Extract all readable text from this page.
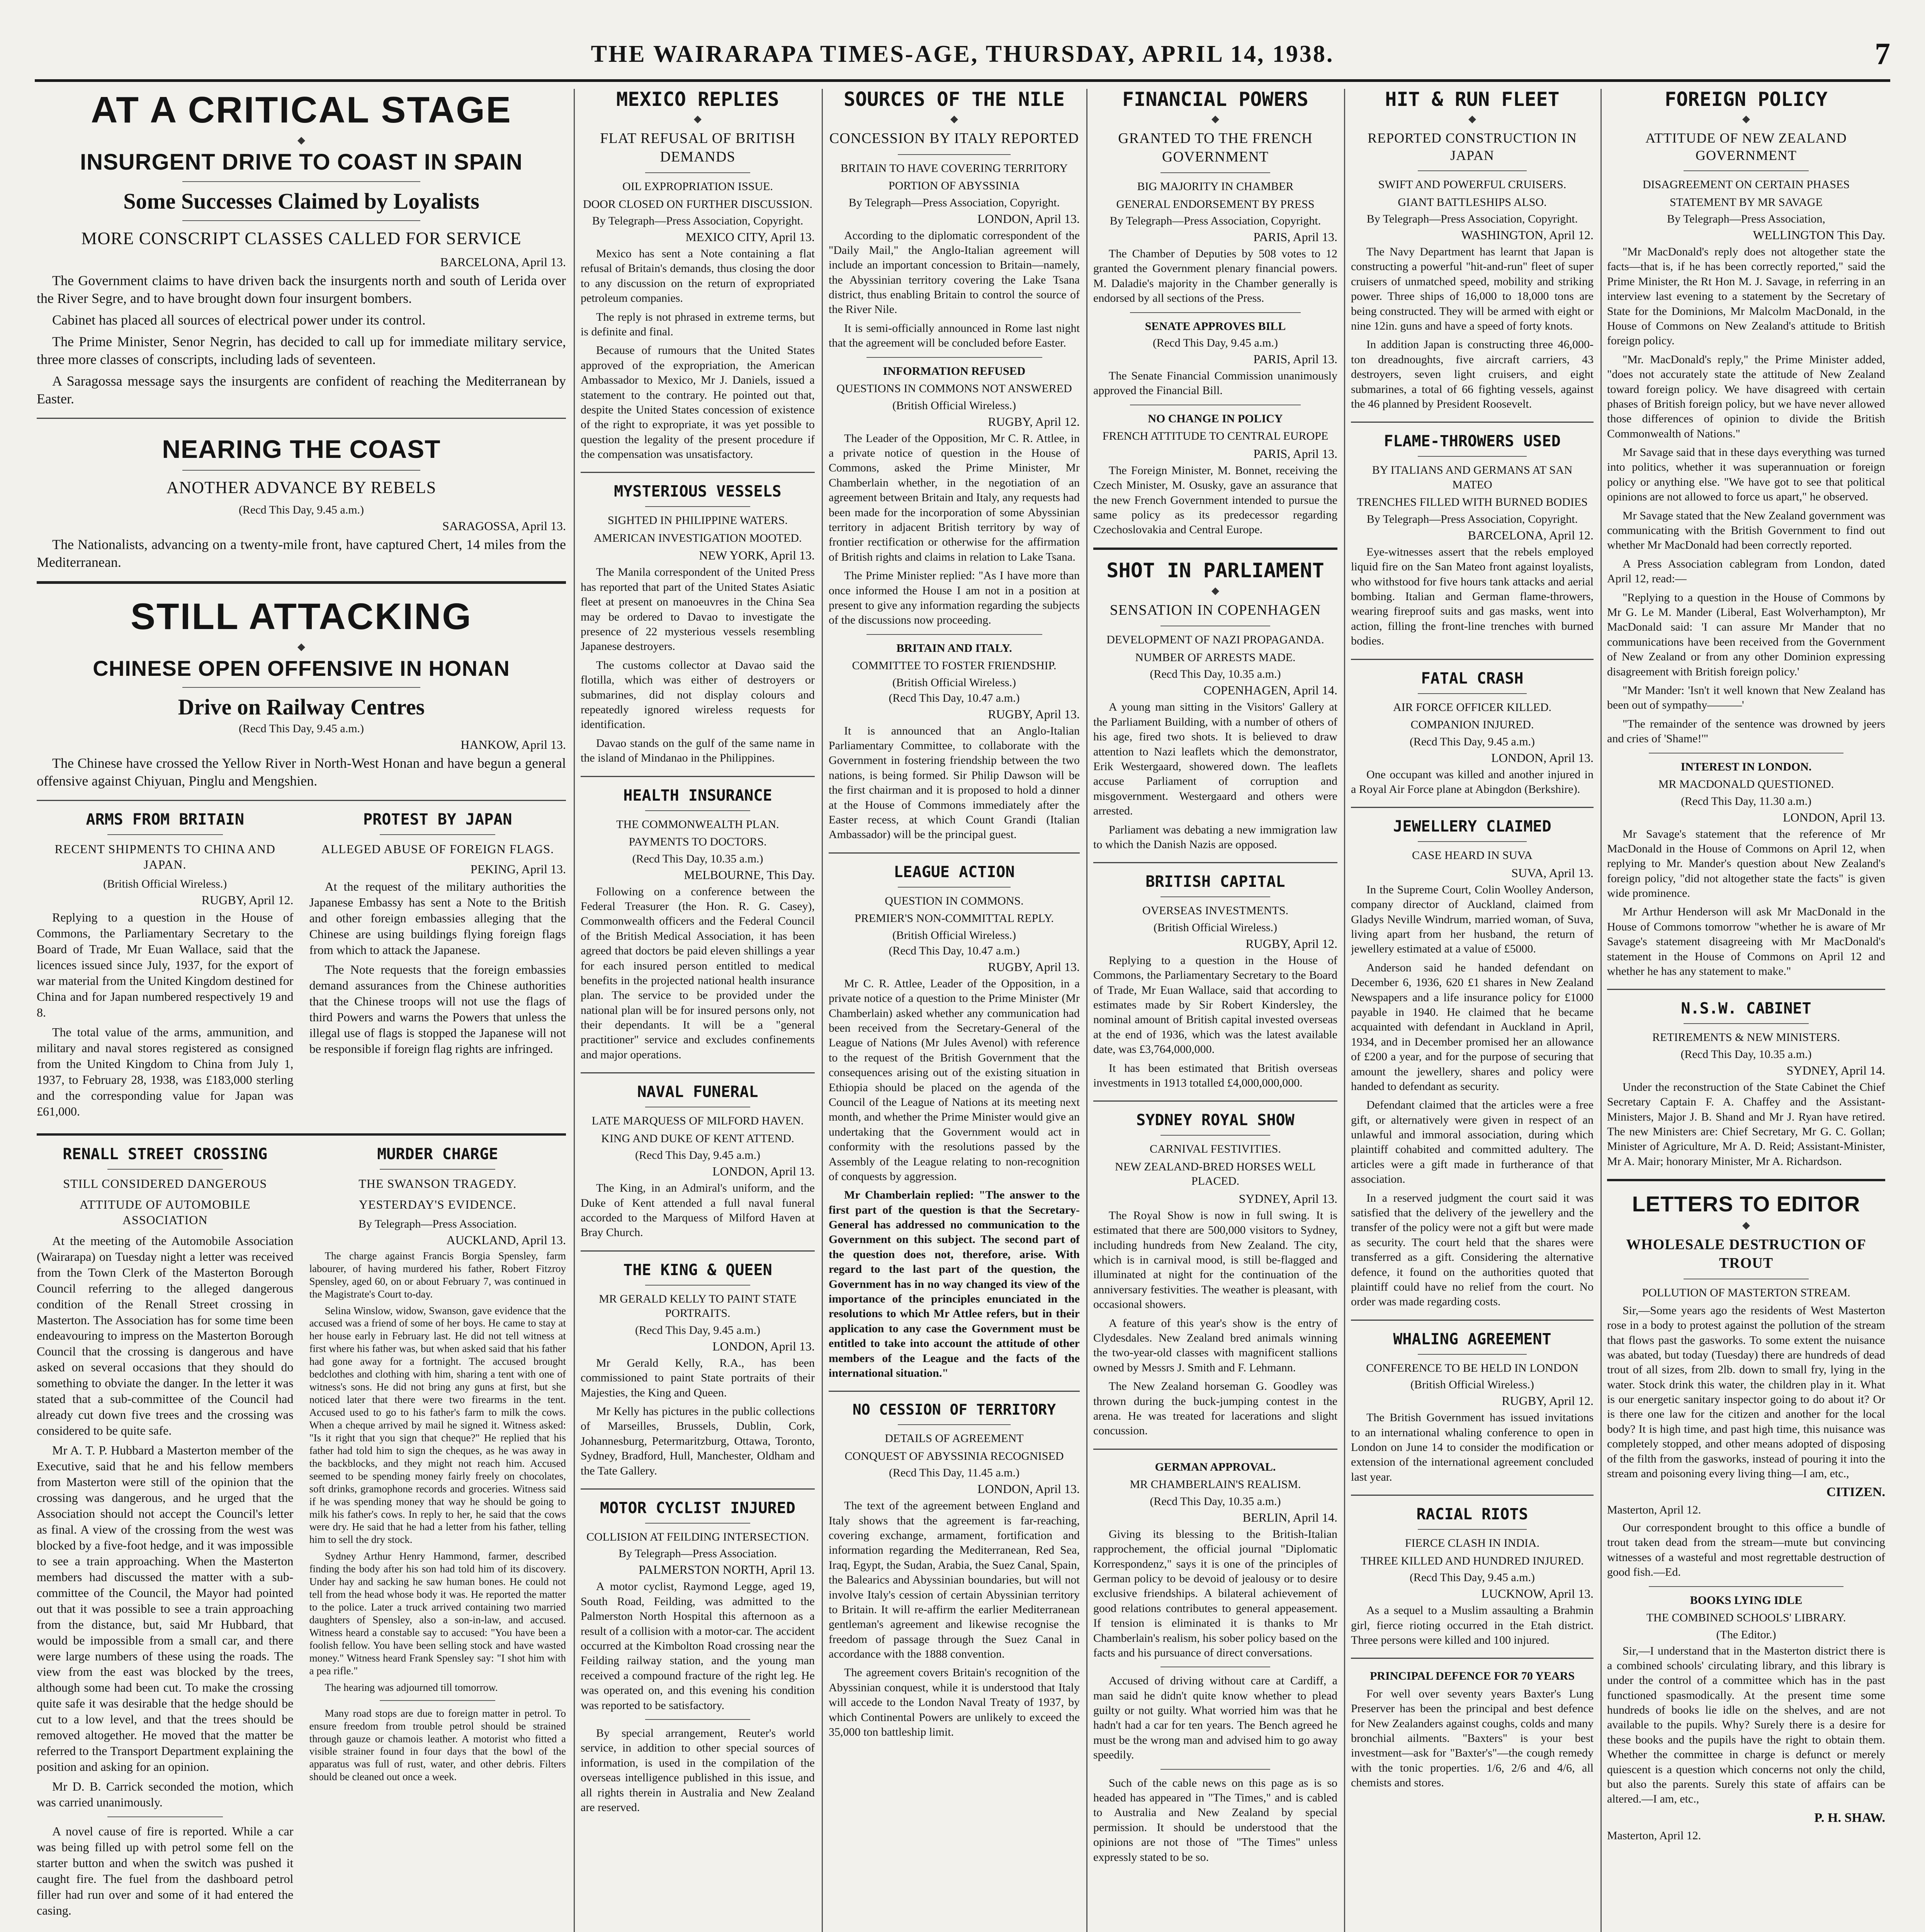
THE WAIRARAPA TIMES-AGE, THURSDAY, APRIL 14, 1938.	7
AT A CRITICAL STAGE
◆
INSURGENT DRIVE TO COAST IN SPAIN
Some Successes Claimed by Loyalists
MORE CONSCRIPT CLASSES CALLED FOR SERVICE
BARCELONA, April 13.

The Government claims to have driven back the insurgents north and south of Lerida over the River Segre, and to have brought down four insurgent bombers.

Cabinet has placed all sources of electrical power under its control.

The Prime Minister, Senor Negrin, has decided to call up for immediate military service, three more classes of conscripts, including lads of seventeen.

A Saragossa message says the insurgents are confident of reaching the Mediterranean by Easter.

NEARING THE COAST
ANOTHER ADVANCE BY REBELS
(Recd This Day, 9.45 a.m.)
SARAGOSSA, April 13.

The Nationalists, advancing on a twenty-mile front, have captured Chert, 14 miles from the Mediterranean.

STILL ATTACKING
◆
CHINESE OPEN OFFENSIVE IN HONAN
Drive on Railway Centres
(Recd This Day, 9.45 a.m.)
HANKOW, April 13.

The Chinese have crossed the Yellow River in North-West Honan and have begun a general offensive against Chiyuan, Pinglu and Mengshien.

ARMS FROM BRITAIN
RECENT SHIPMENTS TO CHINA AND JAPAN.
(British Official Wireless.)
RUGBY, April 12.

Replying to a question in the House of Commons, the Parliamentary Secretary to the Board of Trade, Mr Euan Wallace, said that the licences issued since July, 1937, for the export of war material from the United Kingdom destined for China and for Japan numbered respectively 19 and 8.

The total value of the arms, ammunition, and military and naval stores registered as consigned from the United Kingdom to China from July 1, 1937, to February 28, 1938, was £183,000 sterling and the corresponding value for Japan was £61,000.

PROTEST BY JAPAN
ALLEGED ABUSE OF FOREIGN FLAGS.
PEKING, April 13.

At the request of the military authorities the Japanese Embassy has sent a Note to the British and other foreign embassies alleging that the Chinese are using buildings flying foreign flags from which to attack the Japanese.

The Note requests that the foreign embassies demand assurances from the Chinese authorities that the Chinese troops will not use the flags of third Powers and warns the Powers that unless the illegal use of flags is stopped the Japanese will not be responsible if foreign flag rights are infringed.

RENALL STREET CROSSING
STILL CONSIDERED DANGEROUS
ATTITUDE OF AUTOMOBILE ASSOCIATION

At the meeting of the Automobile Association (Wairarapa) on Tuesday night a letter was received from the Town Clerk of the Masterton Borough Council referring to the alleged dangerous condition of the Renall Street crossing in Masterton. The Association has for some time been endeavouring to impress on the Masterton Borough Council that the crossing is dangerous and have asked on several occasions that they should do something to obviate the danger. In the letter it was stated that a sub-committee of the Council had already cut down five trees and the crossing was considered to be quite safe.

Mr A. T. P. Hubbard a Masterton member of the Executive, said that he and his fellow members from Masterton were still of the opinion that the crossing was dangerous, and he urged that the Association should not accept the Council's letter as final. A view of the crossing from the west was blocked by a five-foot hedge, and it was impossible to see a train approaching. When the Masterton members had discussed the matter with a sub-committee of the Council, the Mayor had pointed out that it was possible to see a train approaching from the distance, but, said Mr Hubbard, that would be impossible from a small car, and there were large numbers of these using the roads. The view from the east was blocked by the trees, although some had been cut. To make the crossing quite safe it was desirable that the hedge should be cut to a low level, and that the trees should be removed altogether. He moved that the matter be referred to the Transport Department explaining the position and asking for an opinion.

Mr D. B. Carrick seconded the motion, which was carried unanimously.

A novel cause of fire is reported. While a car was being filled up with petrol some fell on the starter button and when the switch was pushed it caught fire. The fuel from the dashboard petrol filler had run over and some of it had entered the casing.

MURDER CHARGE
THE SWANSON TRAGEDY.
YESTERDAY'S EVIDENCE.
By Telegraph—Press Association.
AUCKLAND, April 13.

The charge against Francis Borgia Spensley, farm labourer, of having murdered his father, Robert Fitzroy Spensley, aged 60, on or about February 7, was continued in the Magistrate's Court to-day.

Selina Winslow, widow, Swanson, gave evidence that the accused was a friend of some of her boys. He came to stay at her house early in February last. He did not tell witness at first where his father was, but when asked said that his father had gone away for a fortnight. The accused brought bedclothes and clothing with him, sharing a tent with one of witness's sons. He did not bring any guns at first, but she noticed later that there were two firearms in the tent. Accused used to go to his father's farm to milk the cows. When a cheque arrived by mail he signed it. Witness asked: "Is it right that you sign that cheque?" He replied that his father had told him to sign the cheques, as he was away in the backblocks, and they might not reach him. Accused seemed to be spending money fairly freely on chocolates, soft drinks, gramophone records and groceries. Witness said if he was spending money that way he should be going to milk his father's cows. In reply to her, he said that the cows were dry. He said that he had a letter from his father, telling him to sell the dry stock.

Sydney Arthur Henry Hammond, farmer, described finding the body after his son had told him of its discovery. Under hay and sacking he saw human bones. He could not tell from the head whose body it was. He reported the matter to the police. Later a truck arrived containing two married daughters of Spensley, also a son-in-law, and accused. Witness heard a constable say to accused: "You have been a foolish fellow. You have been selling stock and have wasted money." Witness heard Frank Spensley say: "I shot him with a pea rifle."

The hearing was adjourned till tomorrow.

Many road stops are due to foreign matter in petrol. To ensure freedom from trouble petrol should be strained through gauze or chamois leather. A motorist who fitted a visible strainer found in four days that the bowl of the apparatus was full of rust, water, and other debris. Filters should be cleaned out once a week.

MEXICO REPLIES
◆
FLAT REFUSAL OF BRITISH DEMANDS
OIL EXPROPRIATION ISSUE.
DOOR CLOSED ON FURTHER DISCUSSION.
By Telegraph—Press Association, Copyright.
MEXICO CITY, April 13.

Mexico has sent a Note containing a flat refusal of Britain's demands, thus closing the door to any discussion on the return of expropriated petroleum companies.

The reply is not phrased in extreme terms, but is definite and final.

Because of rumours that the United States approved of the expropriation, the American Ambassador to Mexico, Mr J. Daniels, issued a statement to the contrary. He pointed out that, despite the United States concession of existence of the right to expropriate, it was yet possible to question the legality of the present procedure if the compensation was unsatisfactory.

MYSTERIOUS VESSELS
SIGHTED IN PHILIPPINE WATERS.
AMERICAN INVESTIGATION MOOTED.
NEW YORK, April 13.

The Manila correspondent of the United Press has reported that part of the United States Asiatic fleet at present on manoeuvres in the China Sea may be ordered to Davao to investigate the presence of 22 mysterious vessels resembling Japanese destroyers.

The customs collector at Davao said the flotilla, which was either of destroyers or submarines, did not display colours and repeatedly ignored wireless requests for identification.

Davao stands on the gulf of the same name in the island of Mindanao in the Philippines.

HEALTH INSURANCE
THE COMMONWEALTH PLAN.
PAYMENTS TO DOCTORS.
(Recd This Day, 10.35 a.m.)
MELBOURNE, This Day.

Following on a conference between the Federal Treasurer (the Hon. R. G. Casey), Commonwealth officers and the Federal Council of the British Medical Association, it has been agreed that doctors be paid eleven shillings a year for each insured person entitled to medical benefits in the projected national health insurance plan. The service to be provided under the national plan will be for insured persons only, not their dependants. It will be a "general practitioner" service and excludes confinements and major operations.

NAVAL FUNERAL
LATE MARQUESS OF MILFORD HAVEN.
KING AND DUKE OF KENT ATTEND.
(Recd This Day, 9.45 a.m.)
LONDON, April 13.

The King, in an Admiral's uniform, and the Duke of Kent attended a full naval funeral accorded to the Marquess of Milford Haven at Bray Church.

THE KING & QUEEN
MR GERALD KELLY TO PAINT STATE PORTRAITS.
(Recd This Day, 9.45 a.m.)
LONDON, April 13.

Mr Gerald Kelly, R.A., has been commissioned to paint State portraits of their Majesties, the King and Queen.

Mr Kelly has pictures in the public collections of Marseilles, Brussels, Dublin, Cork, Johannesburg, Petermaritzburg, Ottawa, Toronto, Sydney, Bradford, Hull, Manchester, Oldham and the Tate Gallery.

MOTOR CYCLIST INJURED
COLLISION AT FEILDING INTERSECTION.
By Telegraph—Press Association.
PALMERSTON NORTH, April 13.

A motor cyclist, Raymond Legge, aged 19, South Road, Feilding, was admitted to the Palmerston North Hospital this afternoon as a result of a collision with a motor-car. The accident occurred at the Kimbolton Road crossing near the Feilding railway station, and the young man received a compound fracture of the right leg. He was operated on, and this evening his condition was reported to be satisfactory.

By special arrangement, Reuter's world service, in addition to other special sources of information, is used in the compilation of the overseas intelligence published in this issue, and all rights therein in Australia and New Zealand are reserved.

SOURCES OF THE NILE
◆
CONCESSION BY ITALY REPORTED
BRITAIN TO HAVE COVERING TERRITORY
PORTION OF ABYSSINIA
By Telegraph—Press Association, Copyright.
LONDON, April 13.

According to the diplomatic correspondent of the "Daily Mail," the Anglo-Italian agreement will include an important concession to Britain—namely, the Abyssinian territory covering the Lake Tsana district, thus enabling Britain to control the source of the River Nile.

It is semi-officially announced in Rome last night that the agreement will be concluded before Easter.

INFORMATION REFUSED
QUESTIONS IN COMMONS NOT ANSWERED
(British Official Wireless.)
RUGBY, April 12.

The Leader of the Opposition, Mr C. R. Attlee, in a private notice of question in the House of Commons, asked the Prime Minister, Mr Chamberlain whether, in the negotiation of an agreement between Britain and Italy, any requests had been made for the incorporation of some Abyssinian territory in adjacent British territory by way of frontier rectification or otherwise for the affirmation of British rights and claims in relation to Lake Tsana.

The Prime Minister replied: "As I have more than once informed the House I am not in a position at present to give any information regarding the subjects of the discussions now proceeding.

BRITAIN AND ITALY.
COMMITTEE TO FOSTER FRIENDSHIP.
(British Official Wireless.)
(Recd This Day, 10.47 a.m.)
RUGBY, April 13.

It is announced that an Anglo-Italian Parliamentary Committee, to collaborate with the Government in fostering friendship between the two nations, is being formed. Sir Philip Dawson will be the first chairman and it is proposed to hold a dinner at the House of Commons immediately after the Easter recess, at which Count Grandi (Italian Ambassador) will be the principal guest.

LEAGUE ACTION
QUESTION IN COMMONS.
PREMIER'S NON-COMMITTAL REPLY.
(British Official Wireless.)
(Recd This Day, 10.47 a.m.)
RUGBY, April 13.

Mr C. R. Attlee, Leader of the Opposition, in a private notice of a question to the Prime Minister (Mr Chamberlain) asked whether any communication had been received from the Secretary-General of the League of Nations (Mr Jules Avenol) with reference to the request of the British Government that the consequences arising out of the existing situation in Ethiopia should be placed on the agenda of the Council of the League of Nations at its meeting next month, and whether the Prime Minister would give an undertaking that the Government would act in conformity with the resolutions passed by the Assembly of the League relating to non-recognition of conquests by aggression.

Mr Chamberlain replied: "The answer to the first part of the question is that the Secretary-General has addressed no communication to the Government on this subject. The second part of the question does not, therefore, arise. With regard to the last part of the question, the Government has in no way changed its view of the importance of the principles enunciated in the resolutions to which Mr Attlee refers, but in their application to any case the Government must be entitled to take into account the attitude of other members of the League and the facts of the international situation."

NO CESSION OF TERRITORY
DETAILS OF AGREEMENT
CONQUEST OF ABYSSINIA RECOGNISED
(Recd This Day, 11.45 a.m.)
LONDON, April 13.

The text of the agreement between England and Italy shows that the agreement is far-reaching, covering exchange, armament, fortification and information regarding the Mediterranean, Red Sea, Iraq, Egypt, the Sudan, Arabia, the Suez Canal, Spain, the Balearics and Abyssinian boundaries, but will not involve Italy's cession of certain Abyssinian territory to Britain. It will re-affirm the earlier Mediterranean gentleman's agreement and likewise recognise the freedom of passage through the Suez Canal in accordance with the 1888 convention.

The agreement covers Britain's recognition of the Abyssinian conquest, while it is understood that Italy will accede to the London Naval Treaty of 1937, by which Continental Powers are unlikely to exceed the 35,000 ton battleship limit.

FINANCIAL POWERS
◆
GRANTED TO THE FRENCH GOVERNMENT
BIG MAJORITY IN CHAMBER
GENERAL ENDORSEMENT BY PRESS
By Telegraph—Press Association, Copyright.
PARIS, April 13.

The Chamber of Deputies by 508 votes to 12 granted the Government plenary financial powers. M. Daladie's majority in the Chamber generally is endorsed by all sections of the Press.

SENATE APPROVES BILL
(Recd This Day, 9.45 a.m.)
PARIS, April 13.

The Senate Financial Commission unanimously approved the Financial Bill.

NO CHANGE IN POLICY
FRENCH ATTITUDE TO CENTRAL EUROPE
PARIS, April 13.

The Foreign Minister, M. Bonnet, receiving the Czech Minister, M. Osusky, gave an assurance that the new French Government intended to pursue the same policy as its predecessor regarding Czechoslovakia and Central Europe.

SHOT IN PARLIAMENT
◆
SENSATION IN COPENHAGEN
DEVELOPMENT OF NAZI PROPAGANDA.
NUMBER OF ARRESTS MADE.
(Recd This Day, 10.35 a.m.)
COPENHAGEN, April 14.

A young man sitting in the Visitors' Gallery at the Parliament Building, with a number of others of his age, fired two shots. It is believed to draw attention to Nazi leaflets which the demonstrator, Erik Westergaard, showered down. The leaflets accuse Parliament of corruption and misgovernment. Westergaard and others were arrested.

Parliament was debating a new immigration law to which the Danish Nazis are opposed.

BRITISH CAPITAL
OVERSEAS INVESTMENTS.
(British Official Wireless.)
RUGBY, April 12.

Replying to a question in the House of Commons, the Parliamentary Secretary to the Board of Trade, Mr Euan Wallace, said that according to estimates made by Sir Robert Kindersley, the nominal amount of British capital invested overseas at the end of 1936, which was the latest available date, was £3,764,000,000.

It has been estimated that British overseas investments in 1913 totalled £4,000,000,000.

SYDNEY ROYAL SHOW
CARNIVAL FESTIVITIES.
NEW ZEALAND-BRED HORSES WELL PLACED.
SYDNEY, April 13.

The Royal Show is now in full swing. It is estimated that there are 500,000 visitors to Sydney, including hundreds from New Zealand. The city, which is in carnival mood, is still be-flagged and illuminated at night for the continuation of the anniversary festivities. The weather is pleasant, with occasional showers.

A feature of this year's show is the entry of Clydesdales. New Zealand bred animals winning the two-year-old classes with magnificent stallions owned by Messrs J. Smith and F. Lehmann.

The New Zealand horseman G. Goodley was thrown during the buck-jumping contest in the arena. He was treated for lacerations and slight concussion.

GERMAN APPROVAL.
MR CHAMBERLAIN'S REALISM.
(Recd This Day, 10.35 a.m.)
BERLIN, April 14.

Giving its blessing to the British-Italian rapprochement, the official journal "Diplomatic Korrespondenz," says it is one of the principles of German policy to be devoid of jealousy or to desire exclusive friendships. A bilateral achievement of good relations contributes to general appeasement. If tension is eliminated it is thanks to Mr Chamberlain's realism, his sober policy based on the facts and his pursuance of direct conversations.

Accused of driving without care at Cardiff, a man said he didn't quite know whether to plead guilty or not guilty. What worried him was that he hadn't had a car for ten years. The Bench agreed he must be the wrong man and advised him to go away speedily.

Such of the cable news on this page as is so headed has appeared in "The Times," and is cabled to Australia and New Zealand by special permission. It should be understood that the opinions are not those of "The Times" unless expressly stated to be so.

HIT & RUN FLEET
◆
REPORTED CONSTRUCTION IN JAPAN
SWIFT AND POWERFUL CRUISERS.
GIANT BATTLESHIPS ALSO.
By Telegraph—Press Association, Copyright.
WASHINGTON, April 12.

The Navy Department has learnt that Japan is constructing a powerful "hit-and-run" fleet of super cruisers of unmatched speed, mobility and striking power. Three ships of 16,000 to 18,000 tons are being constructed. They will be armed with eight or nine 12in. guns and have a speed of forty knots.

In addition Japan is constructing three 46,000-ton dreadnoughts, five aircraft carriers, 43 destroyers, seven light cruisers, and eight submarines, a total of 66 fighting vessels, against the 46 planned by President Roosevelt.

FLAME-THROWERS USED
BY ITALIANS AND GERMANS AT SAN MATEO
TRENCHES FILLED WITH BURNED BODIES
By Telegraph—Press Association, Copyright.
BARCELONA, April 12.

Eye-witnesses assert that the rebels employed liquid fire on the San Mateo front against loyalists, who withstood for five hours tank attacks and aerial bombing. Italian and German flame-throwers, wearing fireproof suits and gas masks, went into action, filling the front-line trenches with burned bodies.

FATAL CRASH
AIR FORCE OFFICER KILLED.
COMPANION INJURED.
(Recd This Day, 9.45 a.m.)
LONDON, April 13.

One occupant was killed and another injured in a Royal Air Force plane at Abingdon (Berkshire).

JEWELLERY CLAIMED
CASE HEARD IN SUVA
SUVA, April 13.

In the Supreme Court, Colin Woolley Anderson, company director of Auckland, claimed from Gladys Neville Windrum, married woman, of Suva, living apart from her husband, the return of jewellery estimated at a value of £5000.

Anderson said he handed defendant on December 6, 1936, 620 £1 shares in New Zealand Newspapers and a life insurance policy for £1000 payable in 1940. He claimed that he became acquainted with defendant in Auckland in April, 1934, and in December promised her an allowance of £200 a year, and for the purpose of securing that amount the jewellery, shares and policy were handed to defendant as security.

Defendant claimed that the articles were a free gift, or alternatively were given in respect of an unlawful and immoral association, during which plaintiff cohabited and committed adultery. The articles were a gift made in furtherance of that association.

In a reserved judgment the court said it was satisfied that the delivery of the jewellery and the transfer of the policy were not a gift but were made as security. The court held that the shares were transferred as a gift. Considering the alternative defence, it found on the authorities quoted that plaintiff could have no relief from the court. No order was made regarding costs.

WHALING AGREEMENT
CONFERENCE TO BE HELD IN LONDON
(British Official Wireless.)
RUGBY, April 12.

The British Government has issued invitations to an international whaling conference to open in London on June 14 to consider the modification or extension of the international agreement concluded last year.

RACIAL RIOTS
FIERCE CLASH IN INDIA.
THREE KILLED AND HUNDRED INJURED.
(Recd This Day, 9.45 a.m.)
LUCKNOW, April 13.

As a sequel to a Muslim assaulting a Brahmin girl, fierce rioting occurred in the Etah district. Three persons were killed and 100 injured.

PRINCIPAL DEFENCE FOR 70 YEARS

For well over seventy years Baxter's Lung Preserver has been the principal and best defence for New Zealanders against coughs, colds and many bronchial ailments. "Baxters" is your best investment—ask for "Baxter's"—the cough remedy with the tonic properties. 1/6, 2/6 and 4/6, all chemists and stores.

FOREIGN POLICY
◆
ATTITUDE OF NEW ZEALAND GOVERNMENT
DISAGREEMENT ON CERTAIN PHASES
STATEMENT BY MR SAVAGE
By Telegraph—Press Association,
WELLINGTON This Day.

"Mr MacDonald's reply does not altogether state the facts—that is, if he has been correctly reported," said the Prime Minister, the Rt Hon M. J. Savage, in referring in an interview last evening to a statement by the Secretary of State for the Dominions, Mr Malcolm MacDonald, in the House of Commons on New Zealand's attitude to British foreign policy.

"Mr. MacDonald's reply," the Prime Minister added, "does not accurately state the attitude of New Zealand toward foreign policy. We have disagreed with certain phases of British foreign policy, but we have never allowed those differences of opinion to divide the British Commonwealth of Nations."

Mr Savage said that in these days everything was turned into politics, whether it was superannuation or foreign policy or anything else. "We have got to see that political opinions are not allowed to force us apart," he observed.

Mr Savage stated that the New Zealand government was communicating with the British Government to find out whether Mr MacDonald had been correctly reported.

A Press Association cablegram from London, dated April 12, read:—

"Replying to a question in the House of Commons by Mr G. Le M. Mander (Liberal, East Wolverhampton), Mr MacDonald said: 'I can assure Mr Mander that no communications have been received from the Government of New Zealand or from any other Dominion expressing disagreement with British foreign policy.'

"Mr Mander: 'Isn't it well known that New Zealand has been out of sympathy———'

"The remainder of the sentence was drowned by jeers and cries of 'Shame!'"

INTEREST IN LONDON.
MR MACDONALD QUESTIONED.
(Recd This Day, 11.30 a.m.)
LONDON, April 13.

Mr Savage's statement that the reference of Mr MacDonald in the House of Commons on April 12, when replying to Mr. Mander's question about New Zealand's foreign policy, "did not altogether state the facts" is given wide prominence.

Mr Arthur Henderson will ask Mr MacDonald in the House of Commons tomorrow "whether he is aware of Mr Savage's statement disagreeing with Mr MacDonald's statement in the House of Commons on April 12 and whether he has any statement to make."

N.S.W. CABINET
RETIREMENTS & NEW MINISTERS.
(Recd This Day, 10.35 a.m.)
SYDNEY, April 14.

Under the reconstruction of the State Cabinet the Chief Secretary Captain F. A. Chaffey and the Assistant-Ministers, Major J. B. Shand and Mr J. Ryan have retired. The new Ministers are: Chief Secretary, Mr G. C. Gollan; Minister of Agriculture, Mr A. D. Reid; Assistant-Minister, Mr A. Mair; honorary Minister, Mr A. Richardson.

LETTERS TO EDITOR
◆
WHOLESALE DESTRUCTION OF TROUT
POLLUTION OF MASTERTON STREAM.

Sir,—Some years ago the residents of West Masterton rose in a body to protest against the pollution of the stream that flows past the gasworks. To some extent the nuisance was abated, but today (Tuesday) there are hundreds of dead trout of all sizes, from 2lb. down to small fry, lying in the water. Stock drink this water, the children play in it. What is our energetic sanitary inspector going to do about it? Or is there one law for the citizen and another for the local body? It is high time, and past high time, this nuisance was completely stopped, and other means adopted of disposing of the filth from the gasworks, instead of pouring it into the stream and poisoning every living thing—I am, etc.,

CITIZEN.
Masterton, April 12.

Our correspondent brought to this office a bundle of trout taken dead from the stream—mute but convincing witnesses of a wasteful and most regrettable destruction of good fish.—Ed.

BOOKS LYING IDLE
THE COMBINED SCHOOLS' LIBRARY.
(The Editor.)

Sir,—I understand that in the Masterton district there is a combined schools' circulating library, and this library is under the control of a committee which has in the past functioned spasmodically. At the present time some hundreds of books lie idle on the shelves, and are not available to the pupils. Why? Surely there is a desire for these books and the pupils have the right to obtain them. Whether the committee in charge is defunct or merely quiescent is a question which concerns not only the child, but also the parents. Surely this state of affairs can be altered.—I am, etc.,

P. H. SHAW.
Masterton, April 12.
